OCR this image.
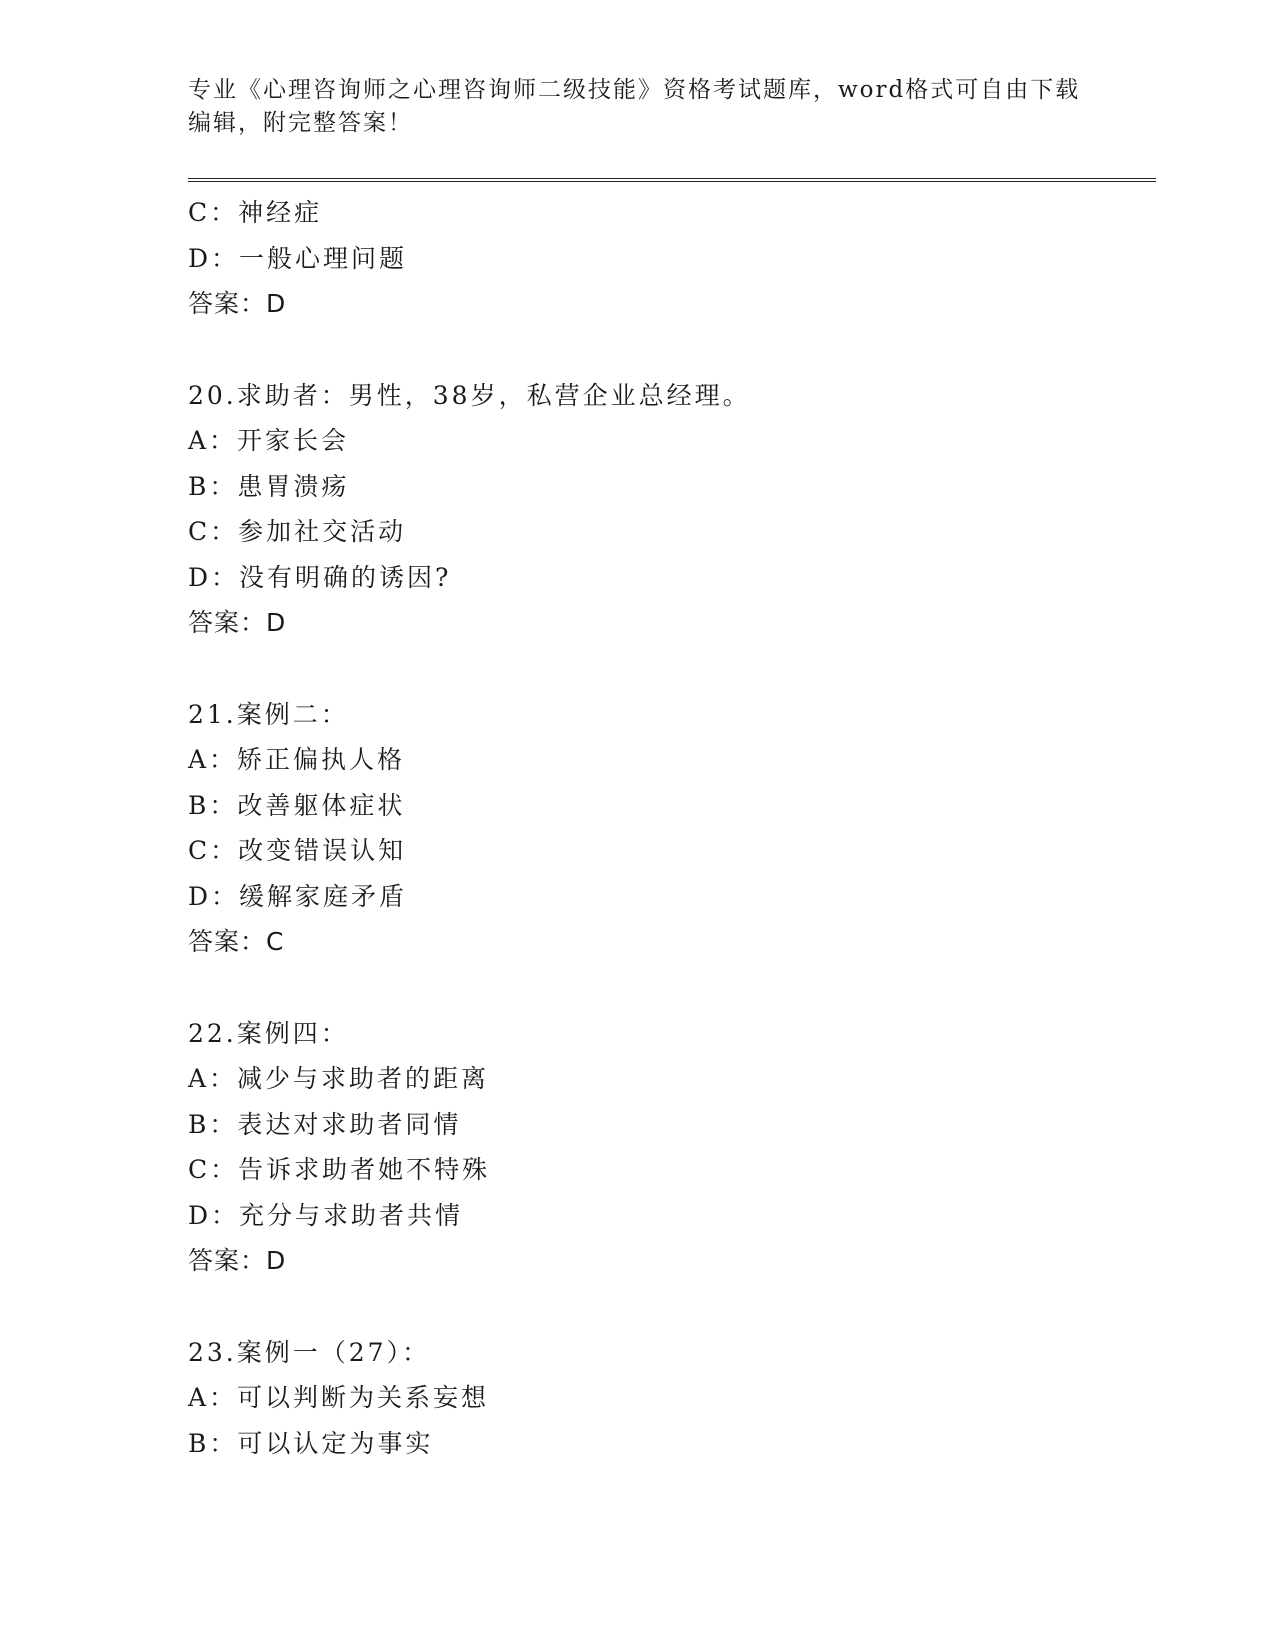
专业《心理咨询师之心理咨询师二级技能》资格考试题库，word格式可自由下载
编辑，附完整答案！
C：神经症
D：一般心理问题
答案：D
20.求助者：男性，38岁，私营企业总经理。
A：开家长会
B：患胃溃疡
C：参加社交活动
D：没有明确的诱因?
答案：D
21.案例二：
A：矫正偏执人格
B：改善躯体症状
C：改变错误认知
D：缓解家庭矛盾
答案：C
22.案例四：
A：减少与求助者的距离
B：表达对求助者同情
C：告诉求助者她不特殊
D：充分与求助者共情
答案：D
23.案例一（27）：
A：可以判断为关系妄想
B：可以认定为事实
